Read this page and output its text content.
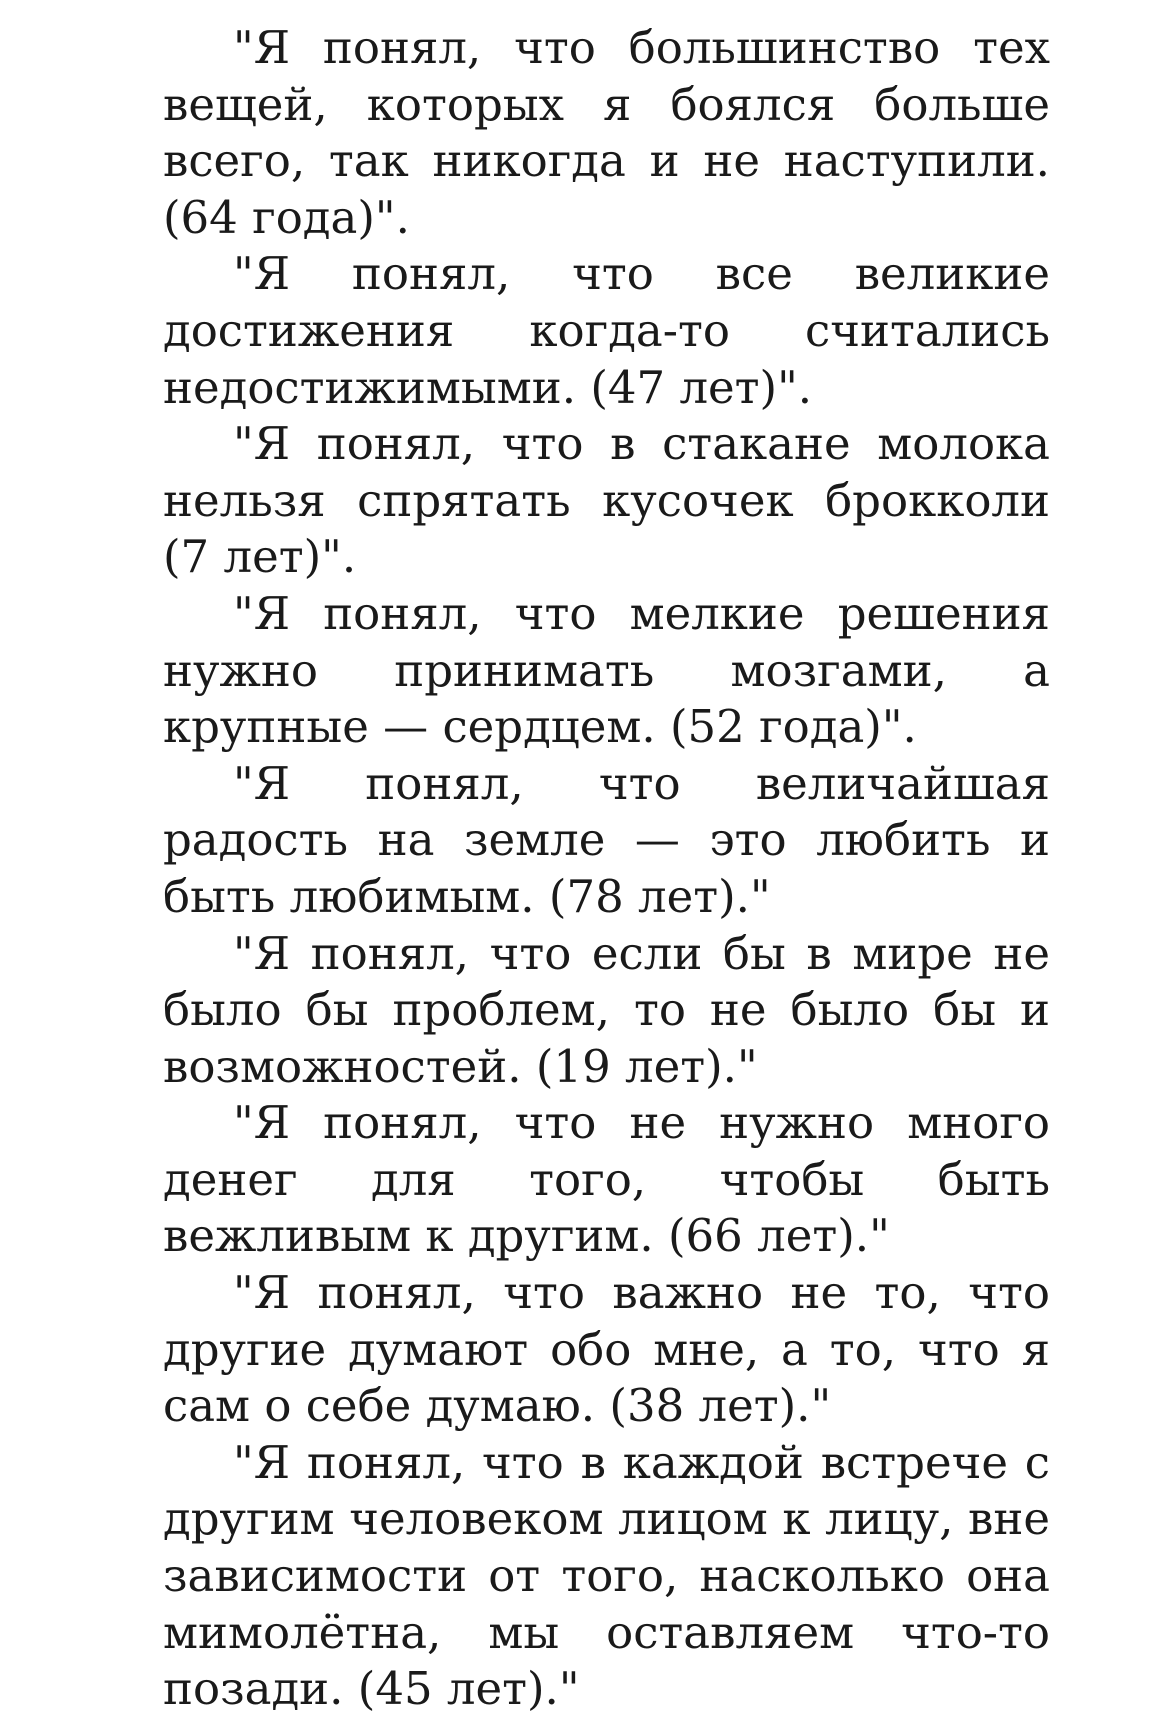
"Я понял, что большинство тех вещей, которых я боялся больше всего, так никогда и не наступили. (64 года)".

"Я понял, что все великие достижения когда-то считались недостижимыми. (47 лет)".

"Я понял, что в стакане молока нельзя спрятать кусочек брокколи (7 лет)".

"Я понял, что мелкие решения нужно принимать мозгами, а крупные — сердцем. (52 года)".

"Я понял, что величайшая радость на земле — это любить и быть любимым. (78 лет)."

"Я понял, что если бы в мире не было бы проблем, то не было бы и возможностей. (19 лет)."

"Я понял, что не нужно много денег для того, чтобы быть вежливым к другим. (66 лет)."

"Я понял, что важно не то, что другие думают обо мне, а то, что я сам о себе думаю. (38 лет)."

"Я понял, что в каждой встрече с другим человеком лицом к лицу, вне зависимости от того, насколько она мимолётна, мы оставляем что-то позади. (45 лет)."
